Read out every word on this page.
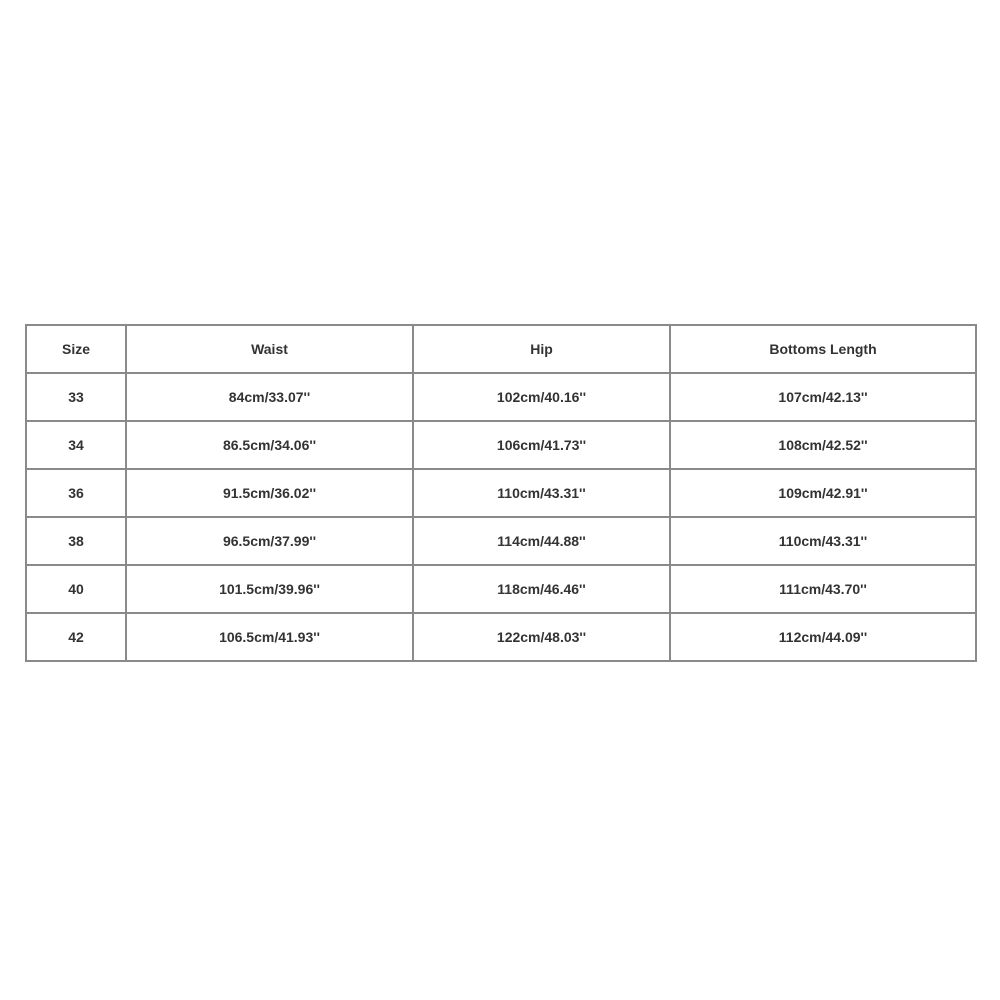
Size	Waist	Hip	Bottoms Length
33	84cm/33.07''	102cm/40.16''	107cm/42.13''
34	86.5cm/34.06''	106cm/41.73''	108cm/42.52''
36	91.5cm/36.02''	110cm/43.31''	109cm/42.91''
38	96.5cm/37.99''	114cm/44.88''	110cm/43.31''
40	101.5cm/39.96''	118cm/46.46''	111cm/43.70''
42	106.5cm/41.93''	122cm/48.03''	112cm/44.09''
